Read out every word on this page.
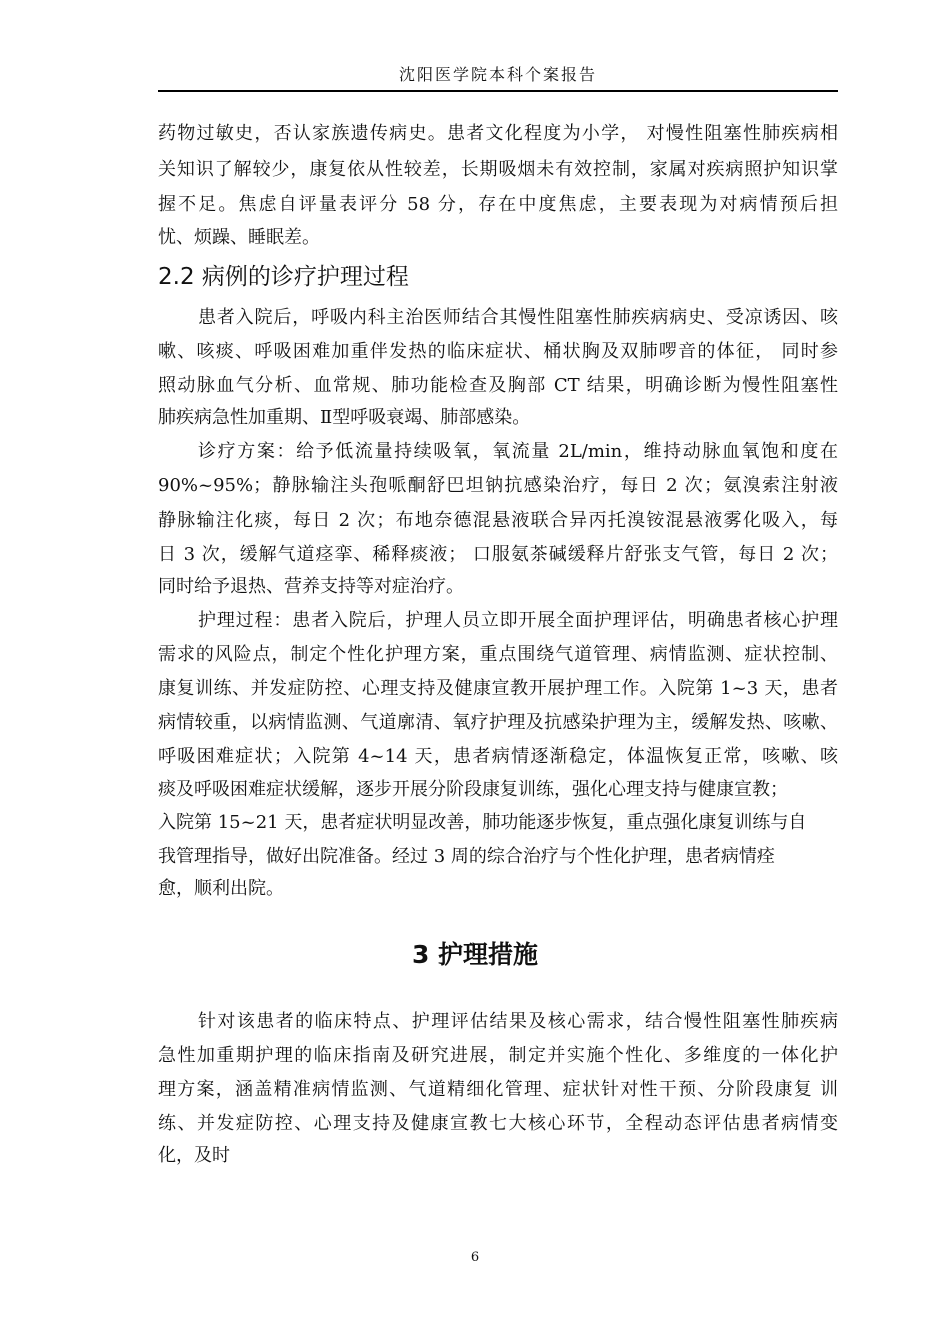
沈阳医学院本科个案报告
药物过敏史，否认家族遗传病史。患者文化程度为小学， 对慢性阻塞性肺疾病相
关知识了解较少，康复依从性较差，长期吸烟未有效控制，家属对疾病照护知识掌
握不足。焦虑自评量表评分 58 分，存在中度焦虑，主要表现为对病情预后担
忧、烦躁、睡眠差。
2.2 病例的诊疗护理过程
患者入院后，呼吸内科主治医师结合其慢性阻塞性肺疾病病史、受凉诱因、咳
嗽、咳痰、呼吸困难加重伴发热的临床症状、桶状胸及双肺啰音的体征， 同时参
照动脉血气分析、血常规、肺功能检查及胸部 CT 结果，明确诊断为慢性阻塞性
肺疾病急性加重期、Ⅱ型呼吸衰竭、肺部感染。
诊疗方案：给予低流量持续吸氧，氧流量 2L/min，维持动脉血氧饱和度在
90%~95%；静脉输注头孢哌酮舒巴坦钠抗感染治疗，每日 2 次；氨溴索注射液
静脉输注化痰，每日 2 次；布地奈德混悬液联合异丙托溴铵混悬液雾化吸入，每
日 3 次，缓解气道痉挛、稀释痰液； 口服氨茶碱缓释片舒张支气管，每日 2 次；
同时给予退热、营养支持等对症治疗。
护理过程：患者入院后，护理人员立即开展全面护理评估，明确患者核心护理
需求的风险点，制定个性化护理方案，重点围绕气道管理、病情监测、症状控制、
康复训练、并发症防控、心理支持及健康宣教开展护理工作。入院第 1~3 天，患者
病情较重，以病情监测、气道廓清、氧疗护理及抗感染护理为主，缓解发热、咳嗽、
呼吸困难症状；入院第 4~14 天，患者病情逐渐稳定，体温恢复正常，咳嗽、咳
痰及呼吸困难症状缓解，逐步开展分阶段康复训练，强化心理支持与健康宣教；
入院第 15~21 天，患者症状明显改善，肺功能逐步恢复，重点强化康复训练与自
我管理指导，做好出院准备。经过 3 周的综合治疗与个性化护理，患者病情痊
愈，顺利出院。
3 护理措施
针对该患者的临床特点、护理评估结果及核心需求，结合慢性阻塞性肺疾病
急性加重期护理的临床指南及研究进展，制定并实施个性化、多维度的一体化护
理方案，涵盖精准病情监测、气道精细化管理、症状针对性干预、分阶段康复 训
练、并发症防控、心理支持及健康宣教七大核心环节，全程动态评估患者病情变
化，及时
6
